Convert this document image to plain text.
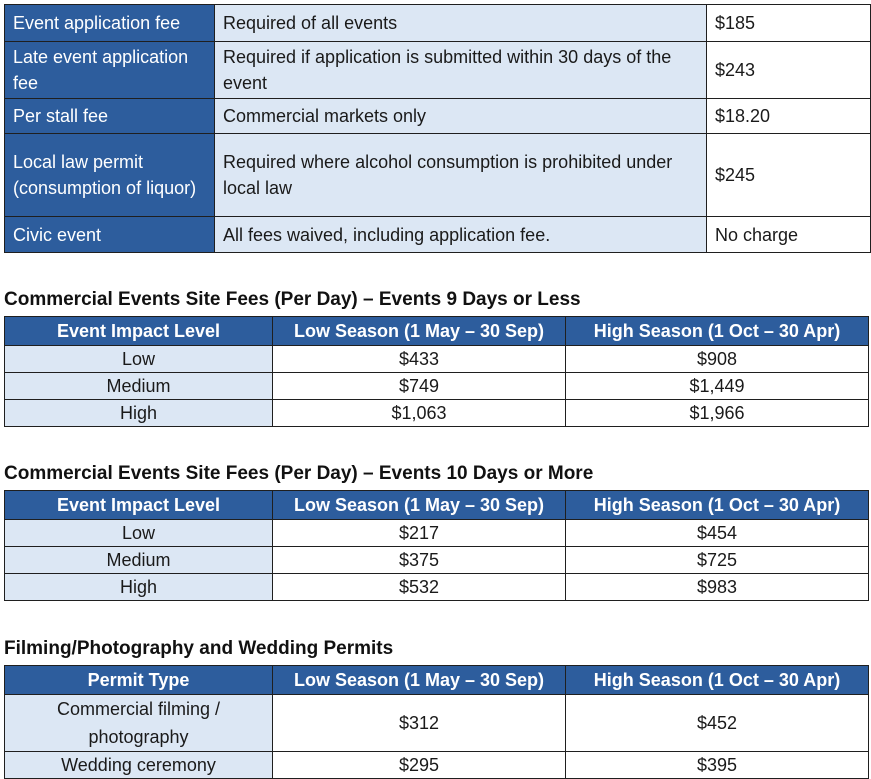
Event application fee	Required of all events	$185
Late event application fee	Required if application is submitted within 30 days of the event	$243
Per stall fee	Commercial markets only	$18.20
Local law permit (consumption of liquor)	Required where alcohol consumption is prohibited under local law	$245
Civic event	All fees waived, including application fee.	No charge
Commercial Events Site Fees (Per Day) – Events 9 Days or Less
Event Impact Level	Low Season (1 May – 30 Sep)	High Season (1 Oct – 30 Apr)
Low	$433	$908
Medium	$749	$1,449
High	$1,063	$1,966
Commercial Events Site Fees (Per Day) – Events 10 Days or More
Event Impact Level	Low Season (1 May – 30 Sep)	High Season (1 Oct – 30 Apr)
Low	$217	$454
Medium	$375	$725
High	$532	$983
Filming/Photography and Wedding Permits
Permit Type	Low Season (1 May – 30 Sep)	High Season (1 Oct – 30 Apr)
Commercial filming / photography	$312	$452
Wedding ceremony	$295	$395
